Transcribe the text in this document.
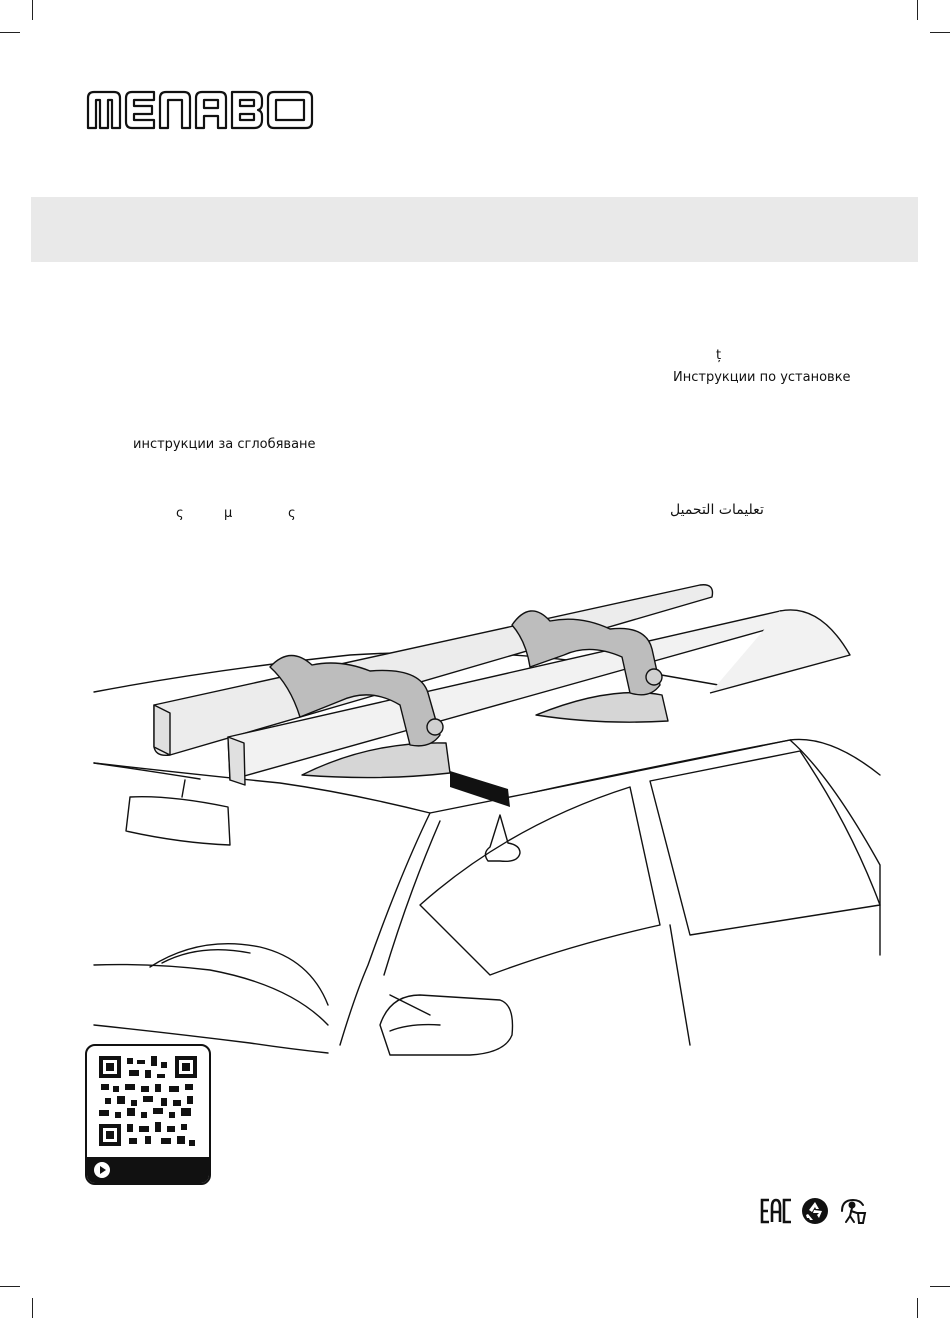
ț
Инструкции по установке
инструкции за сглобяване
ς	μ	ς	تعليمات التحميل
